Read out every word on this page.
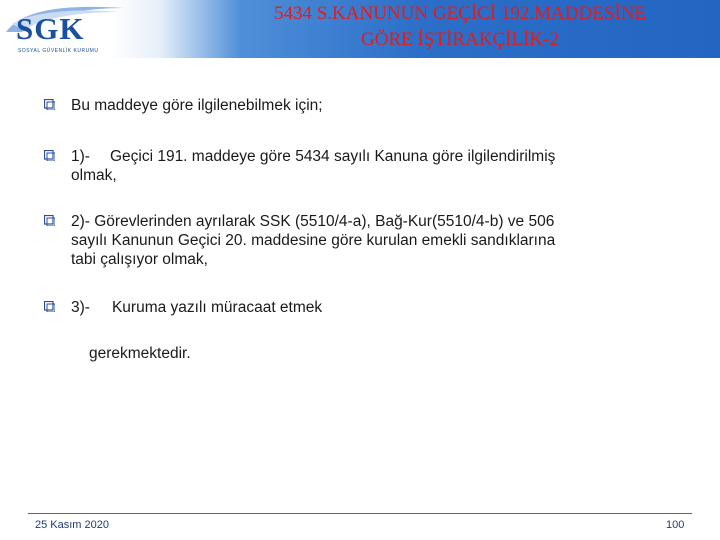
SGK
SOSYAL GÜVENLİK KURUMU
5434 S.KANUNUN GEÇİCİ 192.MADDESİNE
GÖRE İŞTİRAKÇİLİK-2
Bu maddeye göre ilgilenebilmek için;
1)- Geçici 191. maddeye göre 5434 sayılı Kanuna göre ilgilendirilmiş
olmak,
2)- Görevlerinden ayrılarak SSK (5510/4-a), Bağ-Kur(5510/4-b) ve 506
sayılı Kanunun Geçici 20. maddesine göre kurulan emekli sandıklarına
tabi çalışıyor olmak,
3)- Kuruma yazılı müracaat etmek
gerekmektedir.
25 Kasım 2020	100
